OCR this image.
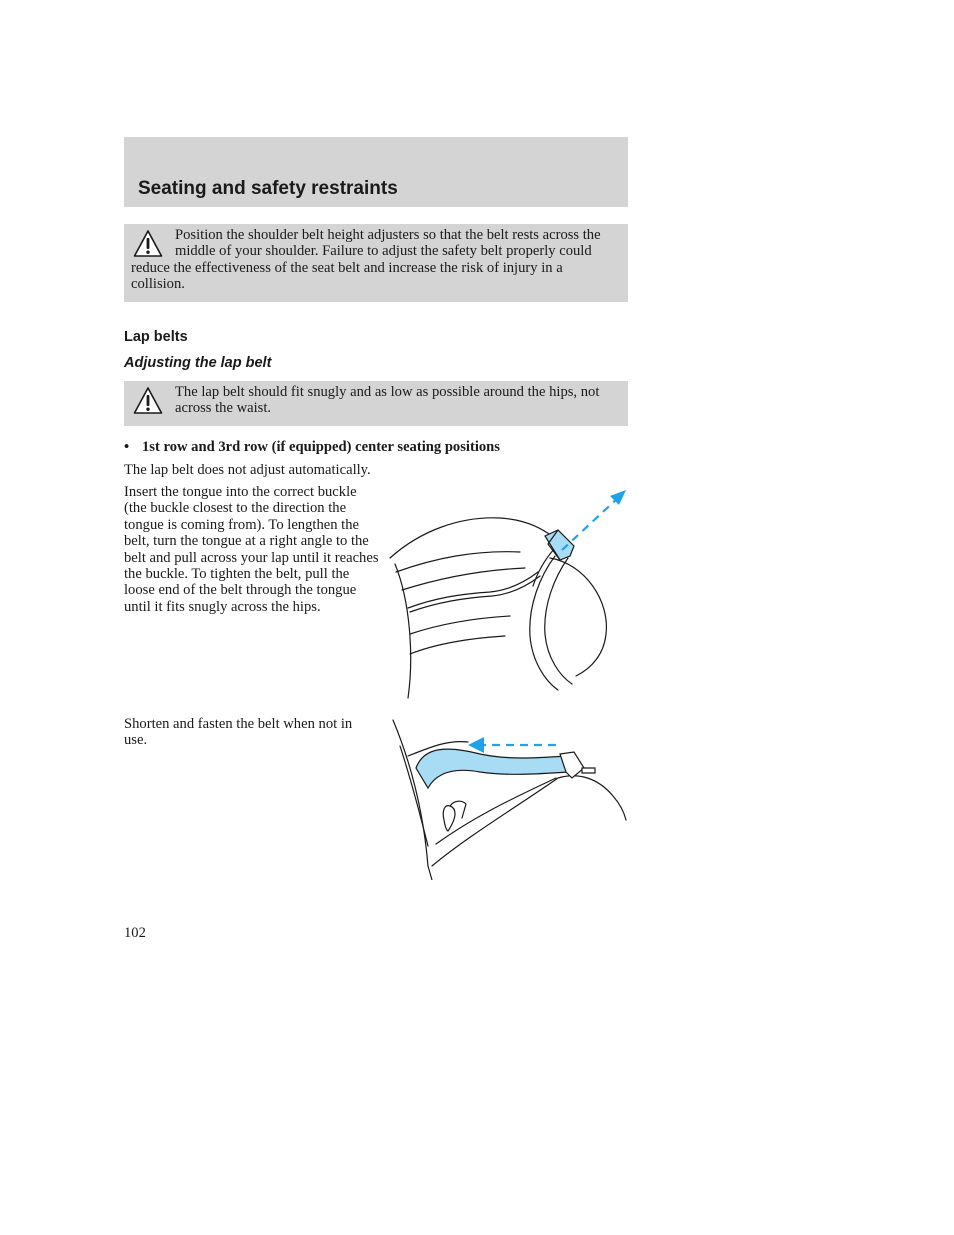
Seating and safety restraints

Position the shoulder belt height adjusters so that the belt rests across the middle of your shoulder. Failure to adjust the safety belt properly could reduce the effectiveness of the seat belt and increase the risk of injury in a collision.

Lap belts
Adjusting the lap belt

The lap belt should fit snugly and as low as possible around the hips, not across the waist.

• 1st row and 3rd row (if equipped) center seating positions

The lap belt does not adjust automatically.

Insert the tongue into the correct buckle (the buckle closest to the direction the tongue is coming from). To lengthen the belt, turn the tongue at a right angle to the belt and pull across your lap until it reaches the buckle. To tighten the belt, pull the loose end of the belt through the tongue until it fits snugly across the hips.

Shorten and fasten the belt when not in use.

102
